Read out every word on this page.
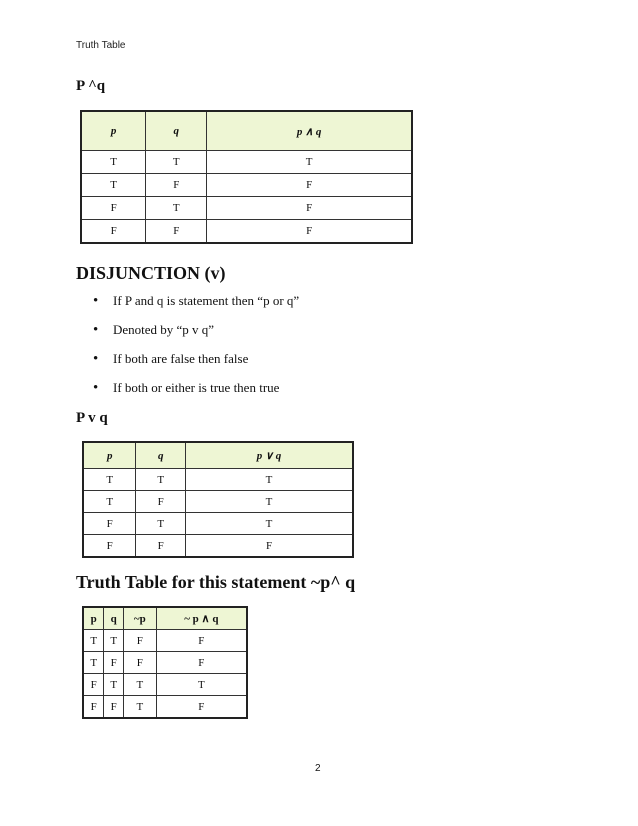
Truth Table
P ^q
p	q	p ∧ q
T	T	T
T	F	F
F	T	F
F	F	F
DISJUNCTION (v)
• If P and q is statement then “p or q”
• Denoted by “p v q”
• If both are false then false
• If both or either is true then true
P v q
p	q	p ∨ q
T	T	T
T	F	T
F	T	T
F	F	F
Truth Table for this statement ~p^ q
p	q	~p	~ p ∧ q
T	T	F	F
T	F	F	F
F	T	T	T
F	F	T	F
2
